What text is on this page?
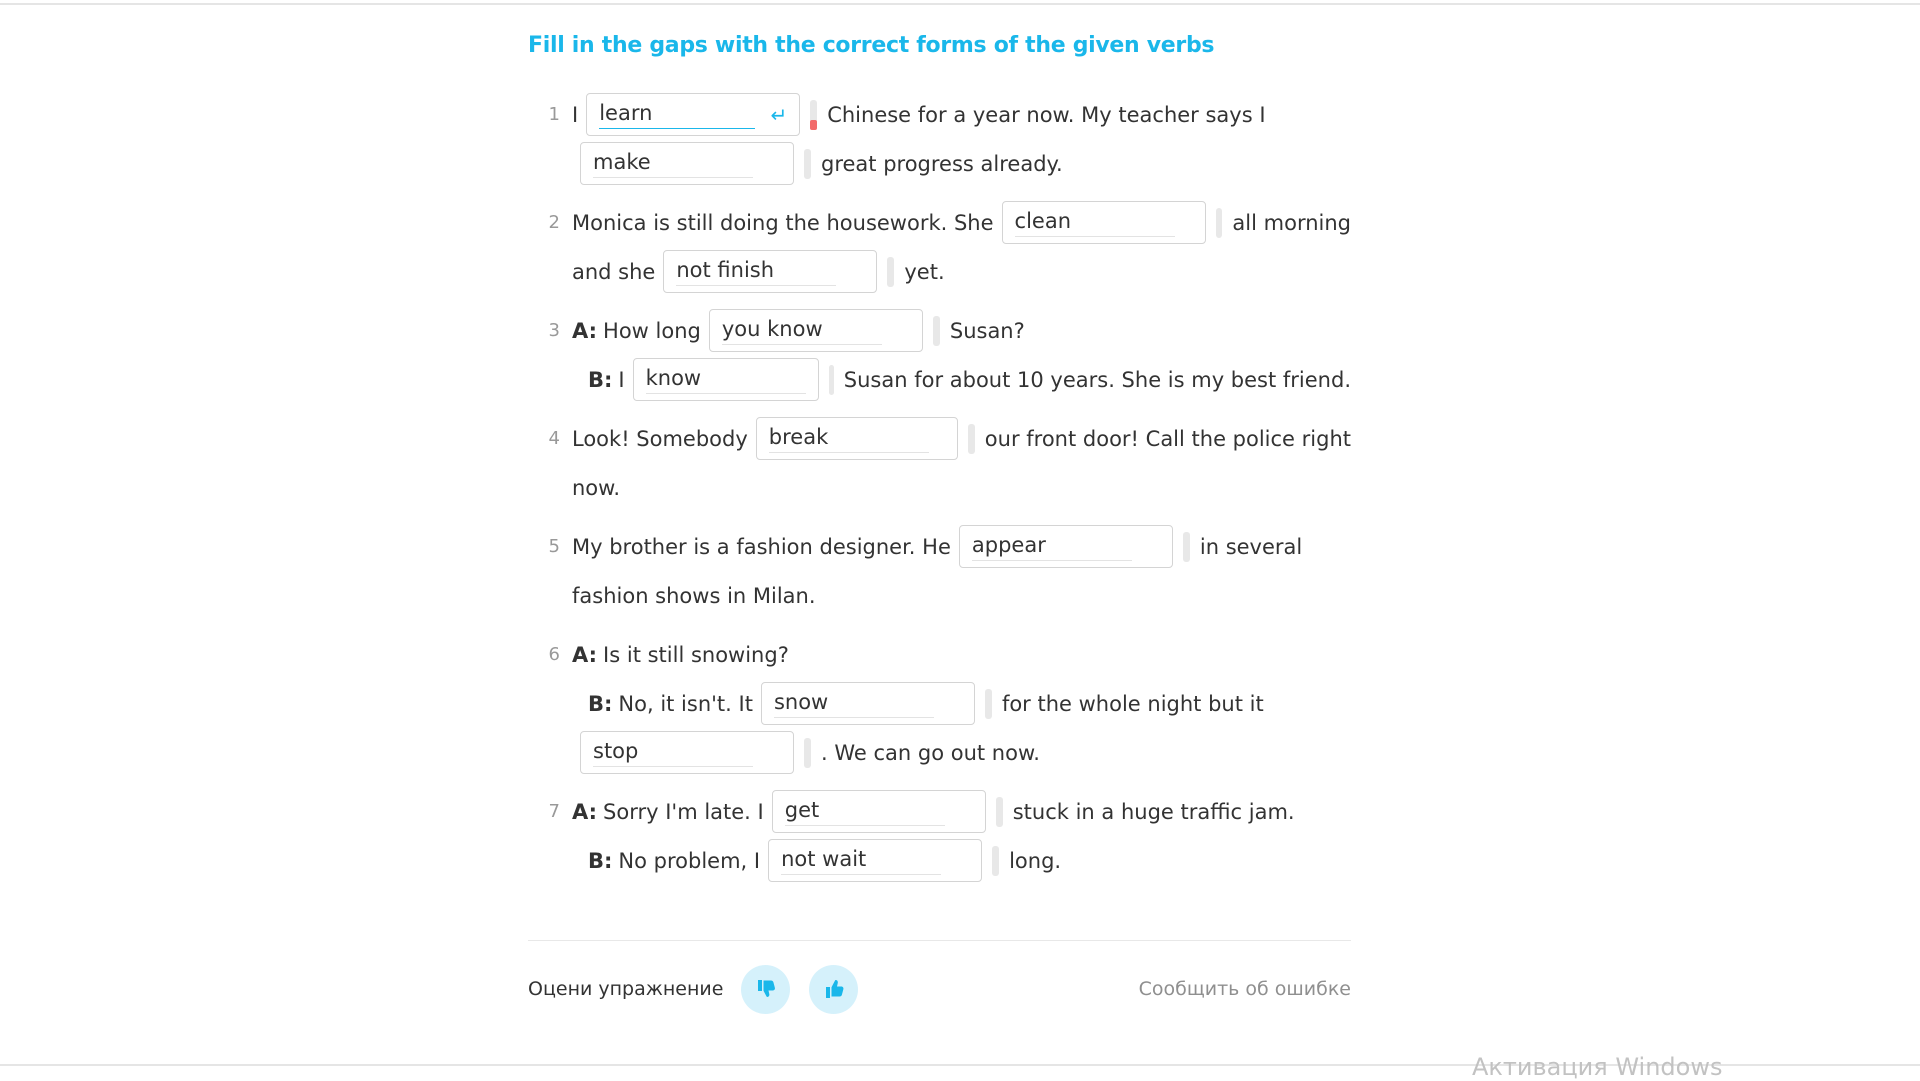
Fill in the gaps with the correct forms of the given verbs
1 I
learn	↵ Chinese for a year now. My teacher says I
make
great progress already.
2 Monica is still doing the housework. She
clean	all morning
and she
not finish	yet.
3 A: How long
you know	Susan?
B: I
know	Susan for about 10 years. She is my best friend.
4 Look! Somebody
break	our front door! Call the police right
now.
5 My brother is a fashion designer. He
appear	in several
fashion shows in Milan.
6 A: Is it still snowing?
B: No, it isn't. It
snow	for the whole night but it
stop
. We can go out now.
7 A: Sorry I'm late. I
get	stuck in a huge traffic jam.
B: No problem, I
not wait	long.
Оцени упражнение	Сообщить об ошибке
Активация Windows
